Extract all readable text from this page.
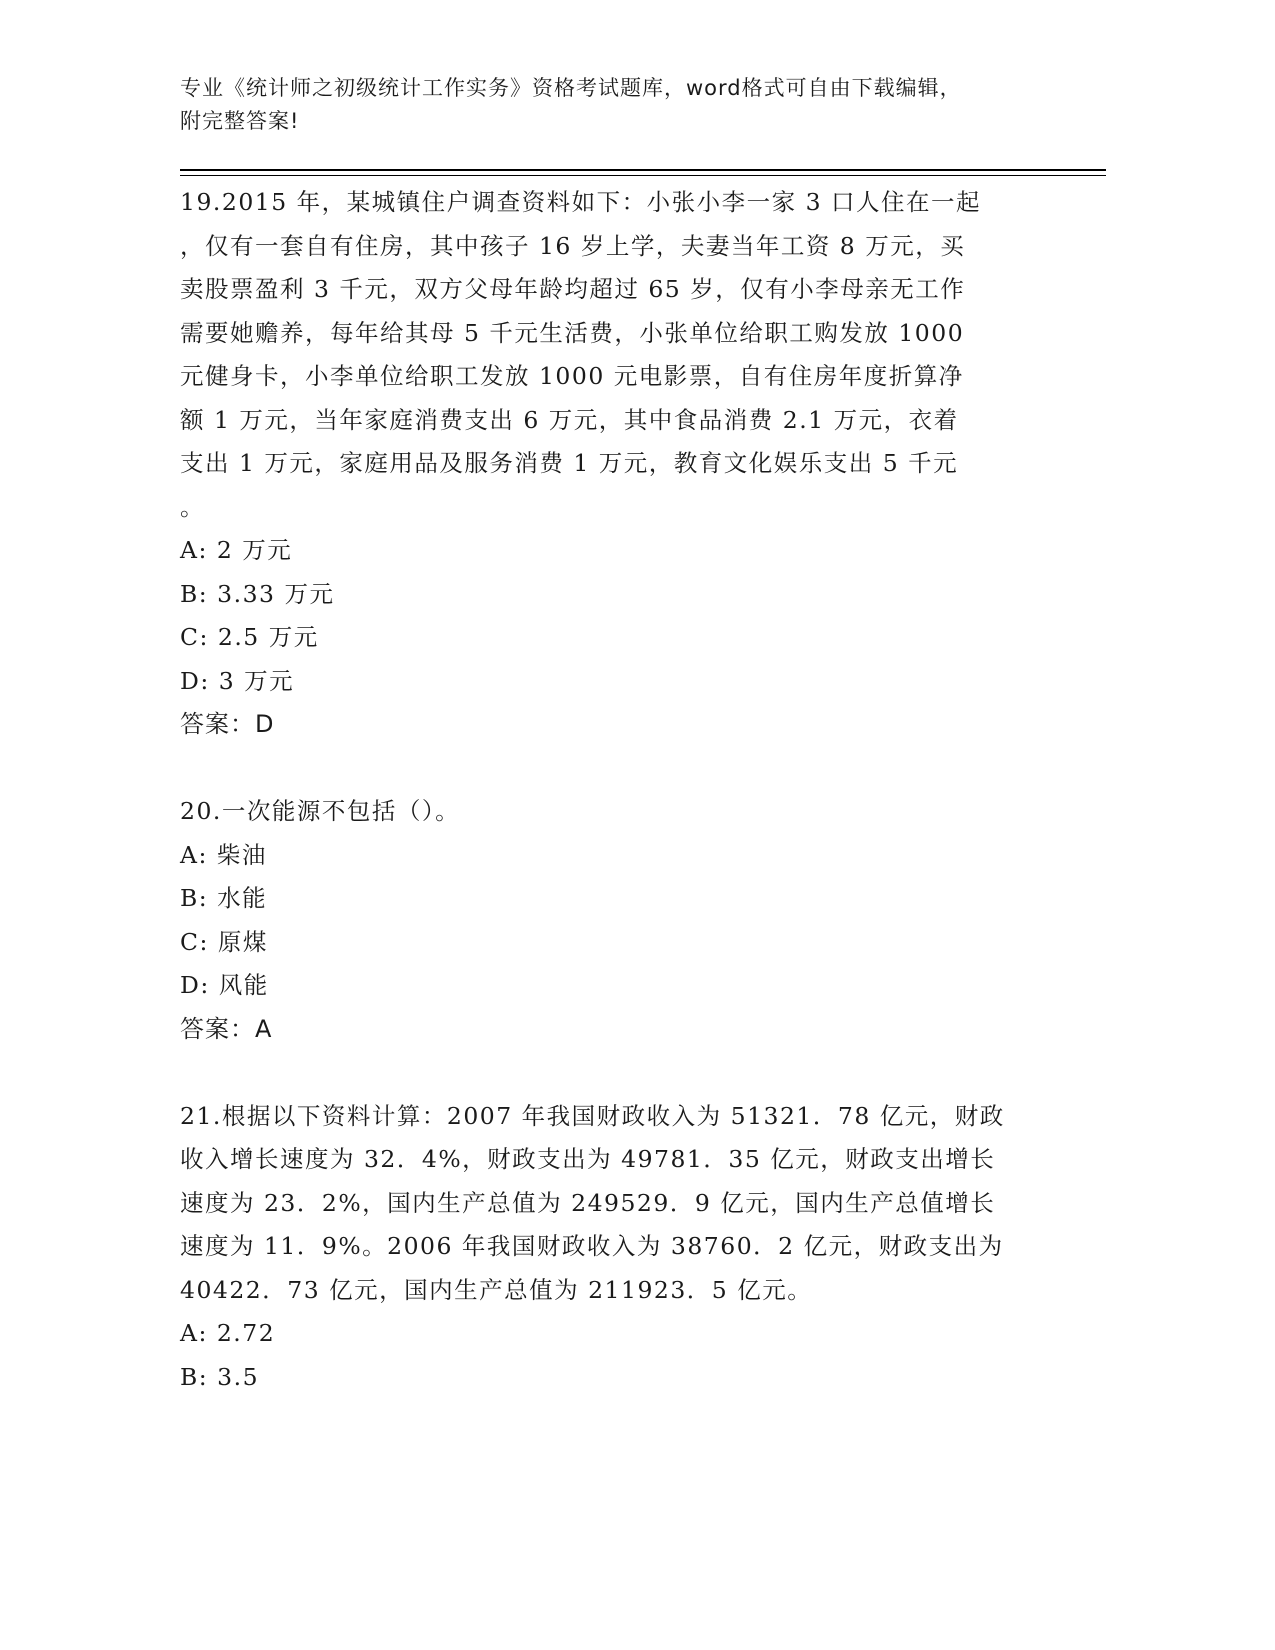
专业《统计师之初级统计工作实务》资格考试题库，word格式可自由下载编辑，
附完整答案!
19.2015 年，某城镇住户调查资料如下：小张小李一家 3 口人住在一起
，仅有一套自有住房，其中孩子 16 岁上学，夫妻当年工资 8 万元，买
卖股票盈利 3 千元，双方父母年龄均超过 65 岁，仅有小李母亲无工作
需要她赡养，每年给其母 5 千元生活费，小张单位给职工购发放 1000
元健身卡，小李单位给职工发放 1000 元电影票，自有住房年度折算净
额 1 万元，当年家庭消费支出 6 万元，其中食品消费 2.1 万元，衣着
支出 1 万元，家庭用品及服务消费 1 万元，教育文化娱乐支出 5 千元
。
A: 2 万元
B: 3.33 万元
C: 2.5 万元
D: 3 万元
答案：D
20.一次能源不包括（）。
A: 柴油
B: 水能
C: 原煤
D: 风能
答案：A
21.根据以下资料计算：2007 年我国财政收入为 51321．78 亿元，财政
收入增长速度为 32．4%，财政支出为 49781．35 亿元，财政支出增长
速度为 23．2%，国内生产总值为 249529．9 亿元，国内生产总值增长
速度为 11．9%。2006 年我国财政收入为 38760．2 亿元，财政支出为
40422．73 亿元，国内生产总值为 211923．5 亿元。
A: 2.72
B: 3.5
